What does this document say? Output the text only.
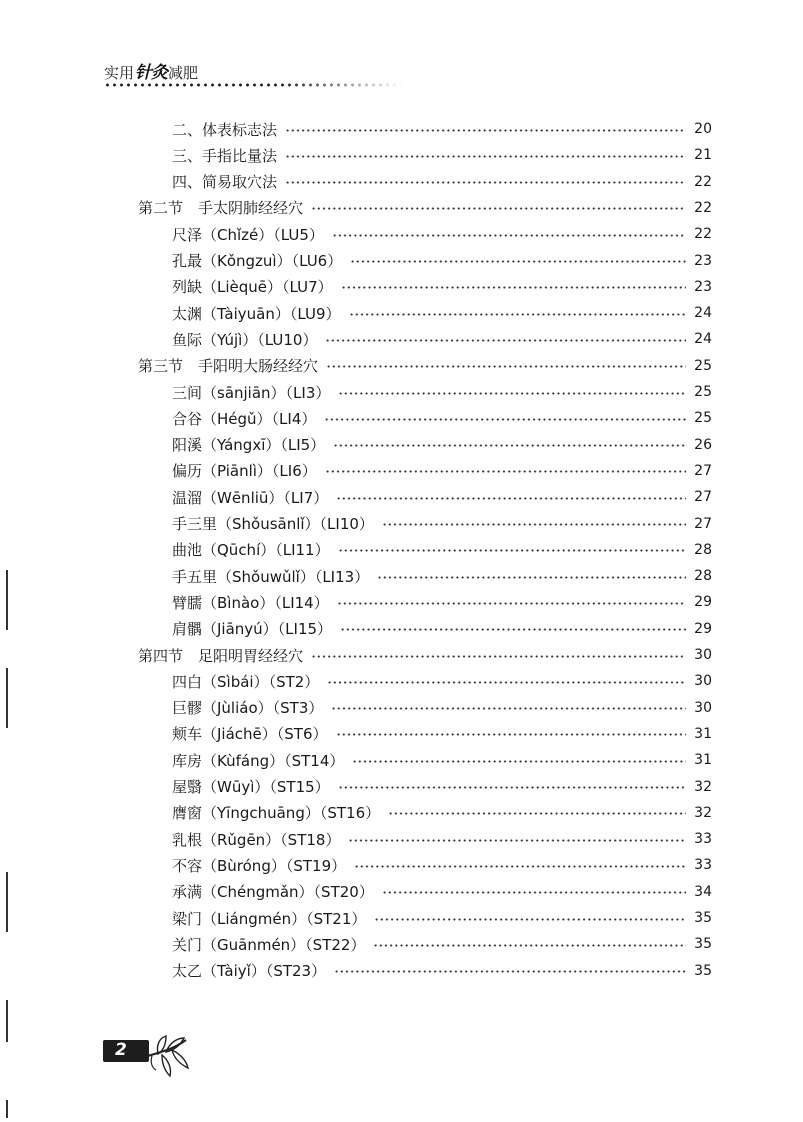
实用针灸减肥
二、体表标志法	20
三、手指比量法	21
四、简易取穴法	22
第二节　手太阴肺经经穴	22
尺泽（Chǐzé）（LU5）	22
孔最（Kǒngzuì）（LU6）	23
列缺（Lièquē）（LU7）	23
太渊（Tàiyuān）（LU9）	24
鱼际（Yújì）（LU10）	24
第三节　手阳明大肠经经穴	25
三间（sānjiān）（LI3）	25
合谷（Hégǔ）（LI4）	25
阳溪（Yángxī）（LI5）	26
偏历（Piānlì）（LI6）	27
温溜（Wēnliū）（LI7）	27
手三里（Shǒusānlǐ）（LI10）	27
曲池（Qūchí）（LI11）	28
手五里（Shǒuwǔlǐ）（LI13）	28
臂臑（Bìnào）（LI14）	29
肩髃（Jiānyú）（LI15）	29
第四节　足阳明胃经经穴	30
四白（Sìbái）（ST2）	30
巨髎（Jùliáo）（ST3）	30
颊车（Jiáchē）（ST6）	31
库房（Kùfáng）（ST14）	31
屋翳（Wūyì）（ST15）	32
膺窗（Yīngchuāng）（ST16）	32
乳根（Rǔgēn）（ST18）	33
不容（Bùróng）（ST19）	33
承满（Chéngmǎn）（ST20）	34
梁门（Liángmén）（ST21）	35
关门（Guānmén）（ST22）	35
太乙（Tàiyǐ）（ST23）	35
2
